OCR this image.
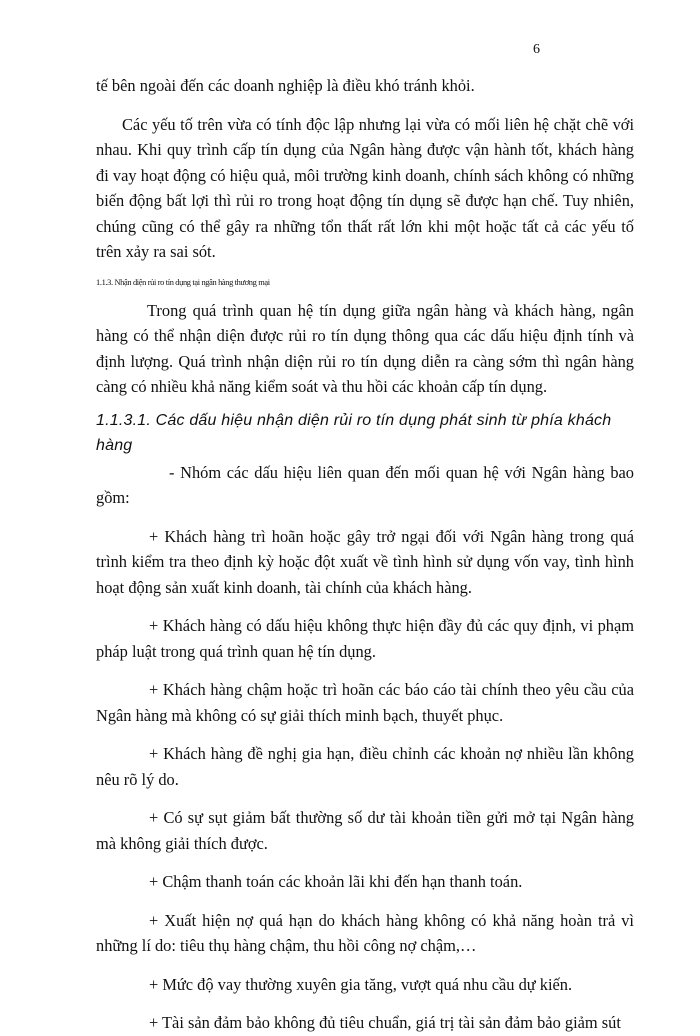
6

tế bên ngoài đến các doanh nghiệp là điều khó tránh khỏi.

Các yếu tố trên vừa có tính độc lập nhưng lại vừa có mối liên hệ chặt chẽ với nhau. Khi quy trình cấp tín dụng của Ngân hàng được vận hành tốt, khách hàng đi vay hoạt động có hiệu quả, môi trường kinh doanh, chính sách không có những biến động bất lợi thì rủi ro trong hoạt động tín dụng sẽ được hạn chế. Tuy nhiên, chúng cũng có thể gây ra những tổn thất rất lớn khi một hoặc tất cả các yếu tố trên xảy ra sai sót.

1.1.3. Nhận diện rủi ro tín dụng tại ngân hàng thương mại

Trong quá trình quan hệ tín dụng giữa ngân hàng và khách hàng, ngân hàng có thể nhận diện được rủi ro tín dụng thông qua các dấu hiệu định tính và định lượng. Quá trình nhận diện rủi ro tín dụng diễn ra càng sớm thì ngân hàng càng có nhiều khả năng kiểm soát và thu hồi các khoản cấp tín dụng.

1.1.3.1. Các dấu hiệu nhận diện rủi ro tín dụng phát sinh từ phía khách hàng

- Nhóm các dấu hiệu liên quan đến mối quan hệ với Ngân hàng bao gồm:

+ Khách hàng trì hoãn hoặc gây trở ngại đối với Ngân hàng trong quá trình kiểm tra theo định kỳ hoặc đột xuất về tình hình sử dụng vốn vay, tình hình hoạt động sản xuất kinh doanh, tài chính của khách hàng.

+ Khách hàng có dấu hiệu không thực hiện đầy đủ các quy định, vi phạm pháp luật trong quá trình quan hệ tín dụng.

+ Khách hàng chậm hoặc trì hoãn các báo cáo tài chính theo yêu cầu của Ngân hàng mà không có sự giải thích minh bạch, thuyết phục.

+ Khách hàng đề nghị gia hạn, điều chỉnh các khoản nợ nhiều lần không nêu rõ lý do.

+ Có sự sụt giảm bất thường số dư tài khoản tiền gửi mở tại Ngân hàng mà không giải thích được.

+ Chậm thanh toán các khoản lãi khi đến hạn thanh toán.

+ Xuất hiện nợ quá hạn do khách hàng không có khả năng hoàn trả vì những lí do: tiêu thụ hàng chậm, thu hồi công nợ chậm,…

+ Mức độ vay thường xuyên gia tăng, vượt quá nhu cầu dự kiến.

+ Tài sản đảm bảo không đủ tiêu chuẩn, giá trị tài sản đảm bảo giảm sút
